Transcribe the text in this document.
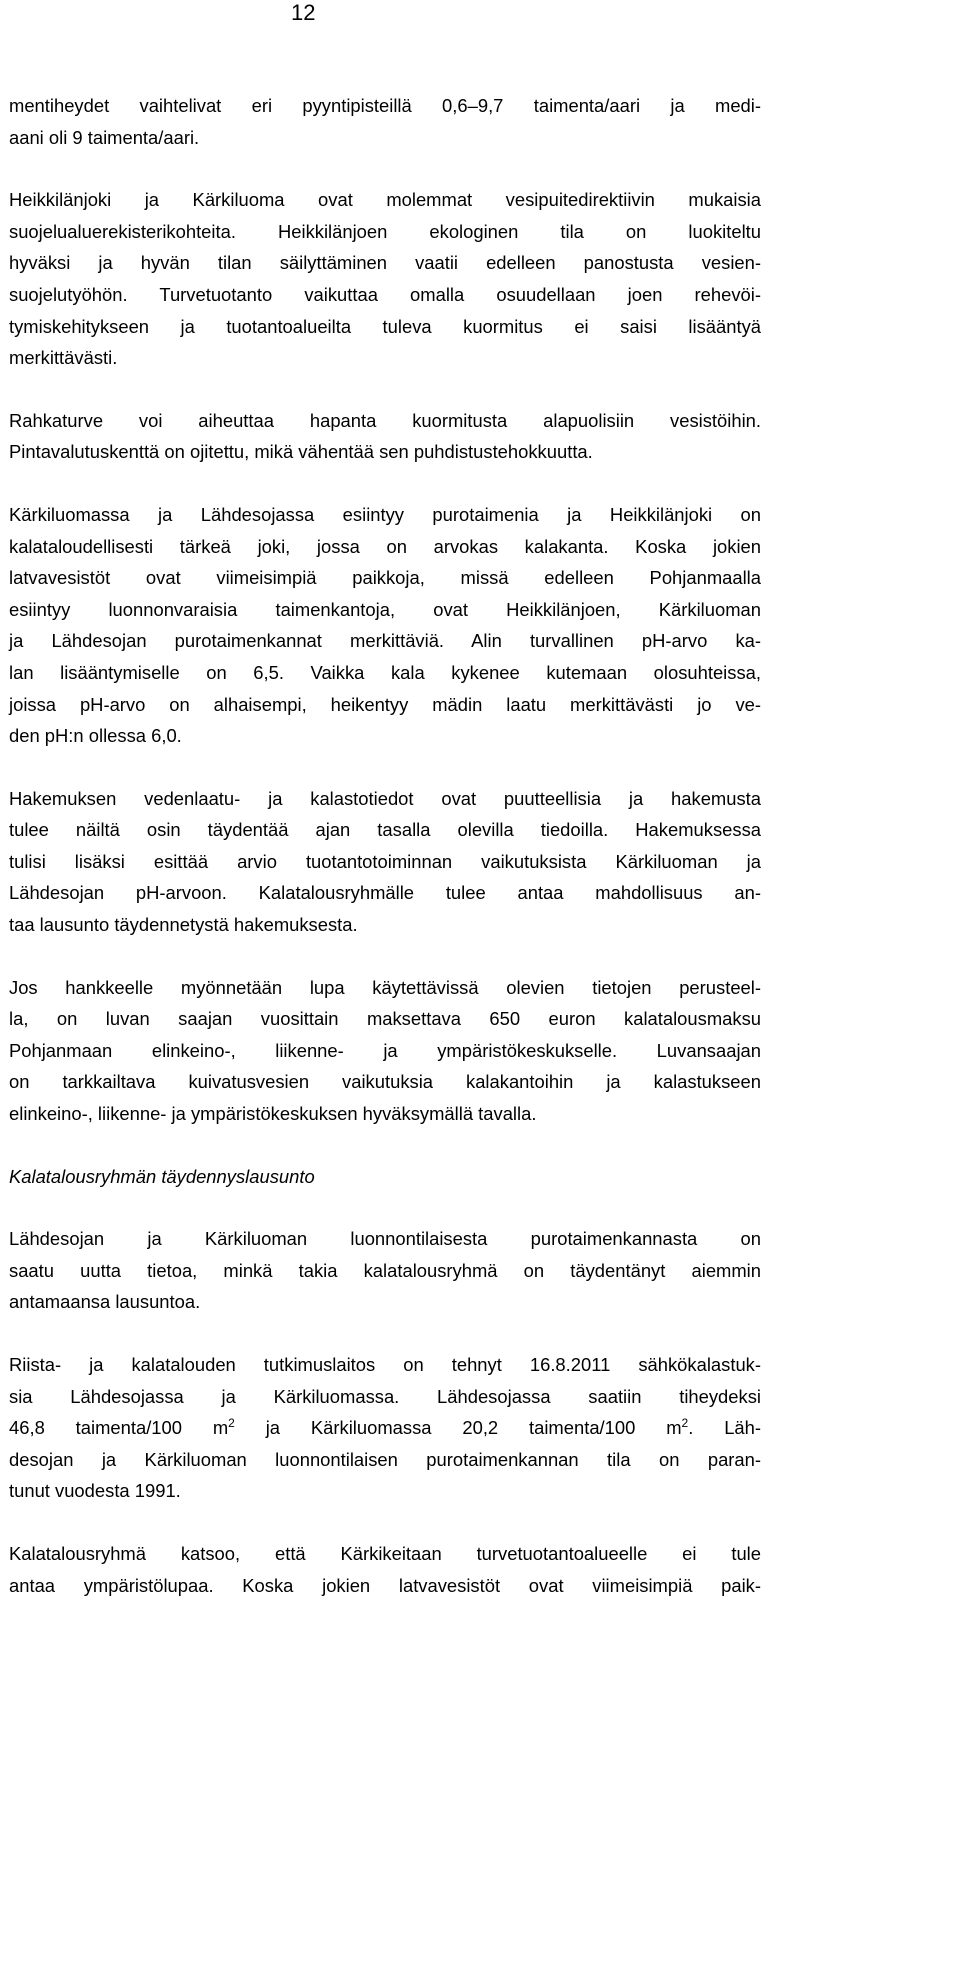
12
mentiheydet vaihtelivat eri pyyntipisteillä 0,6–9,7 taimenta/aari ja medi-
aani oli 9 taimenta/aari.
Heikkilänjoki ja Kärkiluoma ovat molemmat vesipuitedirektiivin mukaisia
suojelualuerekisterikohteita. Heikkilänjoen ekologinen tila on luokiteltu
hyväksi ja hyvän tilan säilyttäminen vaatii edelleen panostusta vesien-
suojelutyöhön. Turvetuotanto vaikuttaa omalla osuudellaan joen rehevöi-
tymiskehitykseen ja tuotantoalueilta tuleva kuormitus ei saisi lisääntyä
merkittävästi.
Rahkaturve voi aiheuttaa hapanta kuormitusta alapuolisiin vesistöihin.
Pintavalutuskenttä on ojitettu, mikä vähentää sen puhdistustehokkuutta.
Kärkiluomassa ja Lähdesojassa esiintyy purotaimenia ja Heikkilänjoki on
kalataloudellisesti tärkeä joki, jossa on arvokas kalakanta. Koska jokien
latvavesistöt ovat viimeisimpiä paikkoja, missä edelleen Pohjanmaalla
esiintyy luonnonvaraisia taimenkantoja, ovat Heikkilänjoen, Kärkiluoman
ja Lähdesojan purotaimenkannat merkittäviä. Alin turvallinen pH-arvo ka-
lan lisääntymiselle on 6,5. Vaikka kala kykenee kutemaan olosuhteissa,
joissa pH-arvo on alhaisempi, heikentyy mädin laatu merkittävästi jo ve-
den pH:n ollessa 6,0.
Hakemuksen vedenlaatu- ja kalastotiedot ovat puutteellisia ja hakemusta
tulee näiltä osin täydentää ajan tasalla olevilla tiedoilla. Hakemuksessa
tulisi lisäksi esittää arvio tuotantotoiminnan vaikutuksista Kärkiluoman ja
Lähdesojan pH-arvoon. Kalatalousryhmälle tulee antaa mahdollisuus an-
taa lausunto täydennetystä hakemuksesta.
Jos hankkeelle myönnetään lupa käytettävissä olevien tietojen perusteel-
la, on luvan saajan vuosittain maksettava 650 euron kalatalousmaksu
Pohjanmaan elinkeino-, liikenne- ja ympäristökeskukselle. Luvansaajan
on tarkkailtava kuivatusvesien vaikutuksia kalakantoihin ja kalastukseen
elinkeino-, liikenne- ja ympäristökeskuksen hyväksymällä tavalla.
Kalatalousryhmän täydennyslausunto
Lähdesojan ja Kärkiluoman luonnontilaisesta purotaimenkannasta on
saatu uutta tietoa, minkä takia kalatalousryhmä on täydentänyt aiemmin
antamaansa lausuntoa.
Riista- ja kalatalouden tutkimuslaitos on tehnyt 16.8.2011 sähkökalastuk-
sia Lähdesojassa ja Kärkiluomassa. Lähdesojassa saatiin tiheydeksi
46,8 taimenta/100 $m^2$ ja Kärkiluomassa 20,2 taimenta/100 $m^2$. Läh-
desojan ja Kärkiluoman luonnontilaisen purotaimenkannan tila on paran-
tunut vuodesta 1991.
Kalatalousryhmä katsoo, että Kärkikeitaan turvetuotantoalueelle ei tule
antaa ympäristölupaa. Koska jokien latvavesistöt ovat viimeisimpiä paik-
